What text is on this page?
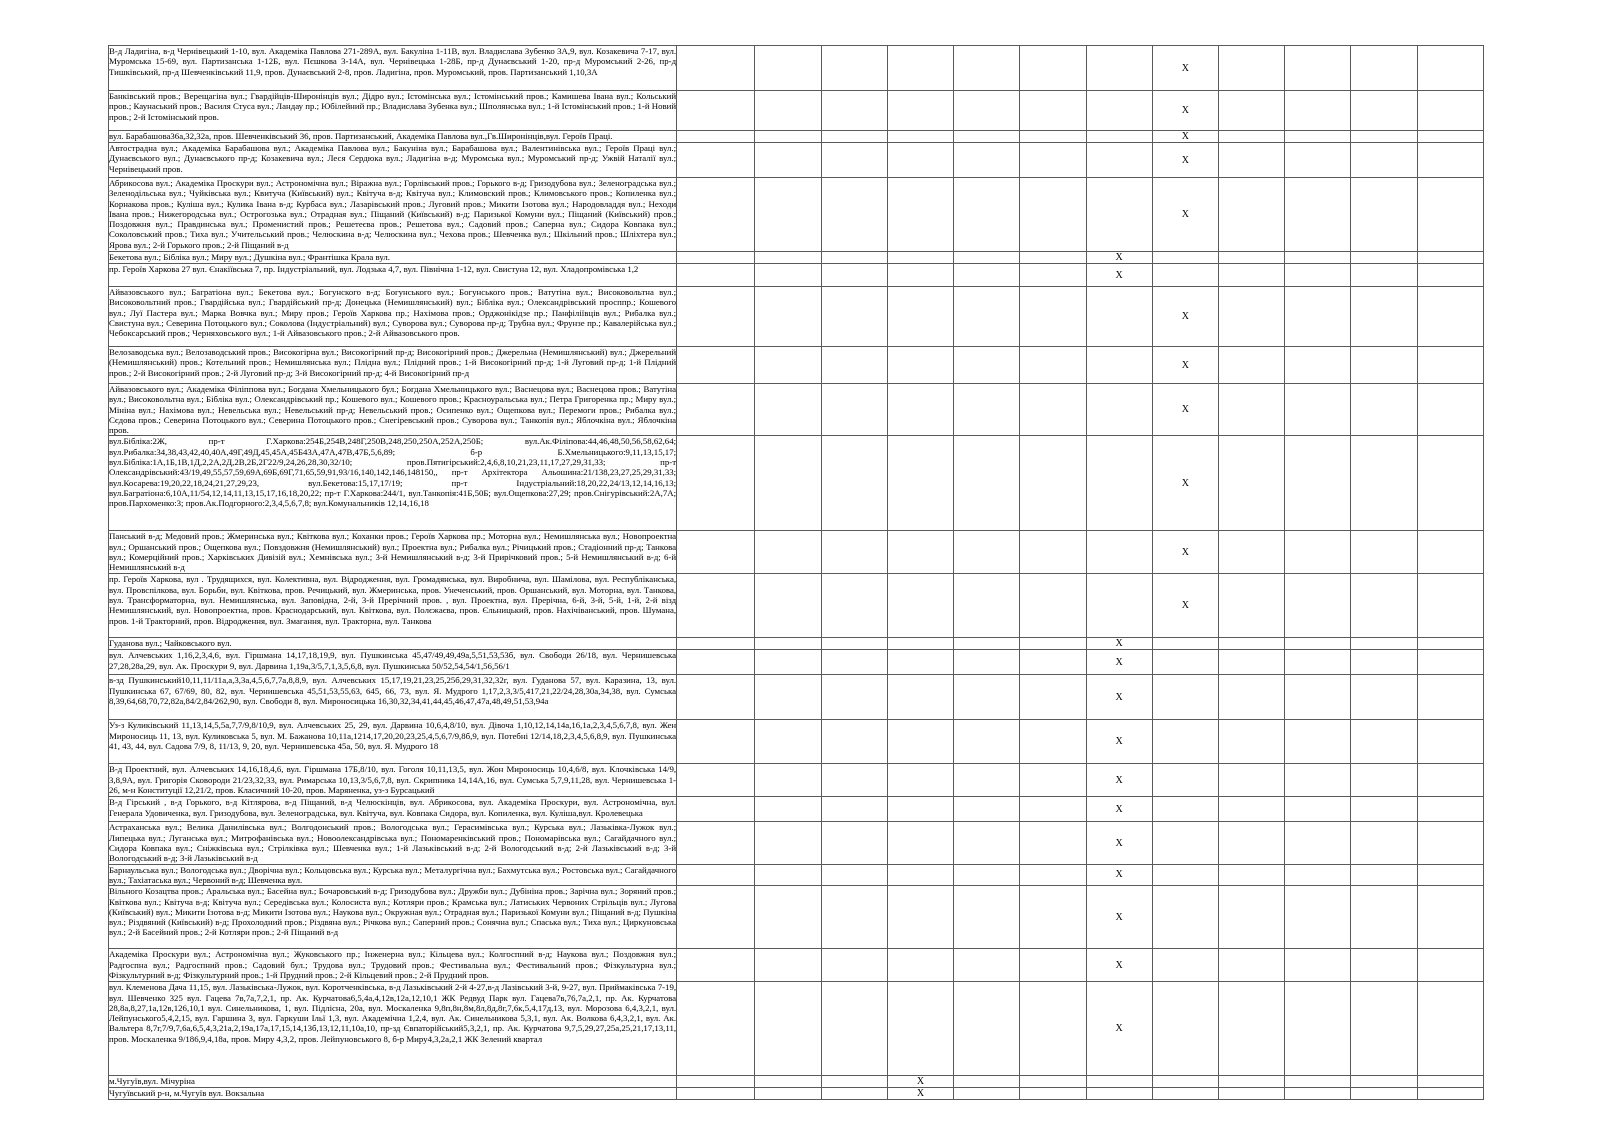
В-д Ладигіна, в-д Чернівецький 1-10, вул. Академіка Павлова 271-289А, вул. Бакуліна 1-11В, вул. Владислава Зубенко 3А,9, вул. Козакевича 7-17, вул. Муромська 15-69, вул. Партизанська 1-12Б, вул. Пєшкова 3-14А, вул. Чернівецька 1-28Б, пр-д Дунаєвський 1-20, пр-д Муромський 2-26, пр-д Тишківський, пр-д Шевченківський 11,9, пров. Дунаєвський 2-8, пров. Ладигіна, пров. Муромський, пров. Партизанський 1,10,3А								X				
Банківський пров.; Верещагіна вул.; Гвардійців-Широнінців вул.; Дідро вул.; Істомінська вул.; Істомінський пров.; Камишева Івана вул.; Кольський пров.; Каунаський пров.; Василя Стуса вул.; Ландау пр.; Юбілейний пр.; Владислава Зубенка вул.; Шполянська вул.; 1-й Істомінський пров.; 1-й Новий пров.; 2-й Істомінський пров.								X				
вул. Барабашова36а,32,32а, пров. Шевченківський 36, пров. Партизанський, Академіка Павлова вул.,Гв.Широнінців,вул. Героїв Праці.								X				
Автострадна вул.; Академіка Барабашова вул.; Академіка Павлова вул.; Бакуніна вул.; Барабашова вул.; Валентинівська вул.; Героїв Праці вул.; Дунаєвського вул.; Дунаєвського пр-д; Козакевича вул.; Леся Сердюка вул.; Ладигіна в-д; Муромська вул.; Муромський пр-д; Ужвій Наталії вул.; Чернівецький пров.								X				
Абрикосова вул.; Академіка Проскури вул.; Астрономічна вул.; Віражна вул.; Горлівський пров.; Горького в-д; Гризодубова вул.; Зеленоградська вул.; Зеленодільська вул.; Чуйківська вул.; Квитуча (Київський) вул.; Квітуча в-д; Квітуча вул.; Климовский пров.; Климовського пров.; Копиленка вул.; Корнакова пров.; Куліша вул.; Кулика Івана в-д; Курбаса вул.; Лазарівський пров.; Луговий пров.; Микити Ізотова вул.; Народовладдя вул.; Неходи Івана пров.; Нижегородська вул.; Острогозька вул.; Отрадная вул.; Піщаний (Київський) в-д; Паризької Комуни вул.; Піщаний (Київський) пров.; Поздовжня вул.; Правдинська вул.; Променистий пров.; Решетеєва пров.; Решетова вул.; Садовий пров.; Саперна вул.; Сидора Ковпака вул.; Соколовський пров.; Тиха вул.; Учительський пров.; Челюскина в-д; Челюскина вул.; Чехова пров.; Шевченка вул.; Шкільний пров.; Шліхтера вул.; Ярова вул.; 2-й Горького пров.; 2-й Піщаний в-д								X				
Бекетова вул.; Бібліка вул.; Миру вул.; Душкіна вул.; Франтішка Крала вул.							X					
пр. Героїв Харкова 27 вул. Єнакіївська 7, пр. Індустріальний, вул. Лодзька 4,7, вул. Північна 1-12, вул. Свистуна 12, вул. Хладопромівська 1,2							X					
Айвазовського вул.; Багратіона вул.; Бекетова вул.; Богунского в-д; Богунського вул.; Богунського пров.; Ватутіна вул.; Високовольтна вул.; Високовольтний пров.; Гвардійська вул.; Гвардійський пр-д; Донецька (Немишлянський) вул.; Бібліка вул.; Олександрівський просппр.; Кошевого вул.; Луї Пастера вул.; Марка Вовчка вул.; Миру пров.; Героїв Харкова пр.; Нахімова пров.; Орджонікідзе пр.; Панфіліївців вул.; Рибалка вул.; Свистуна вул.; Северина Потоцького вул.; Соколова (Індустріальний) вул.; Суворова вул.; Суворова пр-д; Трубна вул.; Фрунзе пр.; Кавалерійська вул.; Чебоксарський пров.; Черняховського вул.; 1-й Айвазовського пров.; 2-й Айвазовського пров.								X				
Велозаводська вул.; Велозаводський пров.; Високогірна вул.; Високогірний пр-д; Високогірний пров.; Джерельна (Немишлянський) вул.; Джерельний (Немишлянський) пров.; Котельний пров.; Немишлянська вул.; Плідна вул.; Плідний пров.; 1-й Високогірний пр-д; 1-й Луговий пр-д; 1-й Плідний пров.; 2-й Високогірний пров.; 2-й Луговий пр-д; 3-й Високогірний пр-д; 4-й Високогірний пр-д								X				
Айвазовського вул.; Академіка Філіппова вул.; Богдана Хмельницького бул.; Богдана Хмельницького вул.; Васнецова вул.; Васнецова пров.; Ватутіна вул.; Високовольтна вул.; Бібліка вул.; Олександрівський пр.; Кошевого вул.; Кошевого пров.; Красноуральська вул.; Петра Григоренка пр.; Миру вул.; Мініна вул.; Нахімова вул.; Невельська вул.; Невельський пр-д; Невельський пров.; Осипенко вул.; Ощепкова вул.; Перемоги пров.; Рибалка вул.; Сєдова пров.; Северина Потоцького вул.; Северина Потоцького пров.; Снегіревський пров.; Суворова вул.; Танкопія вул.; Яблочкіна вул.; Яблочкіна пров.								X				
вул.Бібліка:2Ж, пр-т Г.Харкова:254Б,254В,248Г,250В,248,250,250А,252А,250Б; вул.Ак.Філіпова:44,46,48,50,56,58,62,64; вул.Рибалка:34,38,43,42,40,40А,49Г,49Д,45,45А,45Б43А,47А,47В,47Б,5,6,89; б-р Б.Хмельницького:9,11,13,15,17; вул.Бібліка:1А,1Б,1В,1Д,2,2А,2Д,2В,2Б,2Г22/9,24,26,28,30,32/10; пров.Пятигірський:2,4,6,8,10,21,23,11,17,27,29,31,33; пр-т Олександрівський:43/19,49,55,57,59,69А,69Б,69Г,71,65,59,91,93/16,140,142,146,148150,, пр-т Архітектора Альошина:21/138,23,27,25,29,31,33; вул.Косарева:19,20,22,18,24,21,27,29,23, вул.Бекетова:15,17,17/19; пр-т Індустріальний:18,20,22,24/13,12,14,16,13; вул.Багратіона:6,10А,11/54,12,14,11,13,15,17,16,18,20,22; пр-т Г.Харкова:244/1, вул.Танкопія:41Б,50Б; вул.Ощепкова:27,29; пров.Снігурівський:2А,7А; пров.Пархоменко:3; пров.Ак.Подгорного:2,3,4,5,6,7,8; вул.Комунальників 12,14,16,18								X				
Панський в-д; Медовий пров.; Жмеринська вул.; Квіткова вул.; Коханки пров.; Героїв Харкова пр.; Моторна вул.; Немишлянська вул.; Новопроектна вул.; Оршанський пров.; Ощепкова вул.; Повздовжня (Немишлянський) вул.; Проектна вул.; Рибалка вул.; Річицький пров.; Стадіонний пр-д; Танкова вул.; Комерційний пров.; Харківських Дивізій вул.; Хемнівська вул.; 3-й Немишлянський в-д; 3-й Прирічковий пров.; 5-й Немишлянський в-д; 6-й Немишлянський в-д								X				
пр. Героїв Харкова, вул . Трудящихся, вул. Колективна, вул. Відродження, вул. Громадянська, вул. Виробнича, вул. Шамілова, вул. Республіканська, вул. Провспілкова, вул. Борьби, вул. Квіткова, пров. Речицький, вул. Жмеринська, пров. Унеченський, пров. Оршанський, вул. Моторна, вул. Танкова, вул. Трансформаторна, вул. Немишлянська, вул. Заповідна, 2-й, 3-й Прерічний пров. , вул. Проектна, вул. Прерічна, 6-й, 3-й, 5-й, 1-й, 2-й візд Немишлянський, вул. Новопроектна, пров. Краснодарський, вул. Квіткова, вул. Полєжаєва, пров. Єльницький, пров. Нахічіванський, пров. Шумана, пров. 1-й Тракторний, пров. Відродження, вул. Змагання, вул. Тракторна, вул. Танкова								X				
Гуданова вул.; Чайковського вул.							X					
вул. Алчевських 1,16,2,3,4,6, вул. Гіршмана 14,17,18,19,9, вул. Пушкинська 45,47/49,49,49а,5,51,53,53б, вул. Свободи 26/18, вул. Чернишевська 27,28,28а,29, вул. Ак. Проскури 9, вул. Дарвина 1,19а,3/5,7,1,3,5,6,8, вул. Пушкинська 50/52,54,54/1,56,56/1							X					
в-зд Пушкинський10,11,11/11а,а,3,3а,4,5,6,7,7а,8,8,9, вул. Алчевських 15,17,19,21,23,25,25б,29,31,32,32г, вул. Гуданова 57, вул. Каразина, 13, вул. Пушкинська 67, 67/69, 80, 82, вул. Чернишевська 45,51,53,55,63, 645, 66, 73, вул. Я. Мудрого 1,17,2,3,3/5,417,21,22/24,28,30а,34,38, вул. Сумська 8,39,64,68,70,72,82а,84/2,84/262,90, вул. Свободи 8, вул. Мироносицька 16,30,32,34,41,44,45,46,47,47а,48,49,51,53,94а							X					
Уз-з Куликівський 11,13,14,5,5а,7,7/9,8/10,9, вул. Алчевських 25, 29, вул. Дарвина 10,6,4,8/10, вул. Дівоча 1,10,12,14,14а,16,1а,2,3,4,5,6,7,8, вул. Жен Мироносиць 11, 13, вул. Куликовська 5, вул. М. Бажанова 10,11а,1214,17,20,20,23,25,4,5,6,7/9,8б,9, вул. Потебні 12/14,18,2,3,4,5,6,8,9, вул. Пушкинська 41, 43, 44, вул. Садова 7/9, 8, 11/13, 9, 20, вул. Чернишевська 45а, 50, вул. Я. Мудрого 18							X					
В-д Проектний, вул. Алчевських 14,16,18,4,6, вул. Гіршмана 17Б,8/10, вул. Гоголя 10,11,13,5, вул. Жон Мироносиць 10,4,6/8, вул. Клочківська 14/9, 3,8,9А, вул. Григорія Сковороди 21/23,32,33, вул. Римарська 10,13,3/5,6,7,8, вул. Скрипника 14,14А,16, вул. Сумська 5,7,9,11,28, вул. Чернишевська 1-26, м-н Конституції 12,21/2, пров. Класичний 10-20, пров. Маряненка, уз-з Бурсацький							X					
В-д Гірський , в-д Горького, в-д Кітлярова, в-д Піщаний, в-д Челюскінців, вул. Абрикосова, вул. Академіка Проскури, вул. Астрономічна, вул. Генерала Удовиченка, вул. Гризодубова, вул. Зеленоградська, вул. Квітуча, вул. Ковпака Сидора, вул. Копиленка, вул. Куліша,вул. Кролевецька							X					
Астраханська вул.; Велика Данилівська вул.; Волгодонський пров.; Вологодська вул.; Герасимівська вул.; Курська вул.; Лазьківка-Лужок вул.; Липецька вул.; Луганська вул.; Митрофанівська вул.; Новоолександрівська вул.; Пономаренківський пров.; Пономарівська вул.; Сагайдачного вул.; Сидора Ковпака вул.; Сніжківська вул.; Стрілківка вул.; Шевченка вул.; 1-й Лазьківський в-д; 2-й Вологодський в-д; 2-й Лазьківський в-д; 3-й Вологодський в-д; 3-й Лазьківський в-д							X					
Барнаульська вул.; Вологодська вул.; Дворічна вул.; Кольцовська вул.; Курська вул.; Металургічна вул.; Бахмутська вул.; Ростовська вул.; Сагайдачного вул.; Тахіатаська вул.; Червоний в-д; Шевченка вул.							X					
Вільного Козацтва пров.; Аральська вул.; Басейна вул.; Бочаровський в-д; Гризодубова вул.; Дружби вул.; Дубініна пров.; Зарічна вул.; Зоряний пров.; Квіткова вул.; Квітуча в-д; Квітуча вул.; Середівська вул.; Колосиста вул.; Котляри пров.; Крамська вул.; Латиських Червоних Стрільців вул.; Лугова (Київський) вул.; Микити Ізотова в-д; Микити Ізотова вул.; Наукова вул.; Окружная вул.; Отрадная вул.; Паризької Комуни вул.; Піщаний в-д; Пушкіна вул.; Різдвяний (Київський) в-д; Прохолодний пров.; Різдвяна вул.; Річкова вул.; Саперний пров.; Сонячна вул.; Спаська вул.; Тиха вул.; Циркуновська вул.; 2-й Басейний пров.; 2-й Котляри пров.; 2-й Піщаний в-д							X					
Академіка Проскури вул.; Астрономічна вул.; Жуковського пр.; Інженерна вул.; Кільцева вул.; Колгоспний в-д; Наукова вул.; Поздовжня вул.; Радгоспна вул.; Радгоспний пров.; Садовий бул.; Трудова вул.; Трудовий пров.; Фестивальна вул.; Фестивальний пров.; Фізкультурна вул.; Фізкультурний в-д; Фізкультурний пров.; 1-й Прудний пров.; 2-й Кільцевий пров.; 2-й Прудний пров.							X					
вул. Клеменова Дача 11,15, вул. Лазьківська-Лужок, вул. Коротченківська, в-д Лазьківський 2-й 4-27,в-д Лазівський 3-й, 9-27, вул. Приймаківська 7-19, вул. Шевченко 325 вул. Гацева 7в,7а,7,2,1, пр. Ак. Курчатова6,5,4а,4,12в,12а,12,10,1 ЖК Редвуд Парк вул. Гацева7в,76,7а,2,1, пр. Ак. Курчатова 28,8а,8,27,1а,12в,126,10,1 вул. Синельникова, 1, вул. Підлісна, 20а, вул. Москаленка 9,8п,8н,8м,8л,8д,8г,7,6к,5,4,17д,13, вул. Морозова 6,4,3,2,1, вул. Лейпунського5,4,2,15, вул. Гаршина 3, вул. Гаркуши Ільї 1,3, вул. Академічна 1,2,4, вул. Ак. Синельникова 5,3,1, вул. Ак. Волкова 6,4,3,2,1, вул. Ак. Вальтера 8,7г,7/9,7,6а,6,5,4,3,21а,2,19а,17а,17,15,14,13б,13,12,11,10а,10, пр-зд Євпаторійський5,3,2,1, пр. Ак. Курчатова 9,7,5,29,27,25а,25,21,17,13,11, пров. Москаленка 9/186,9,4,18а, пров. Миру 4,3,2, пров. Лейпуновського 8, б-р Миру4,3,2а,2,1 ЖК Зелений квартал							X					
м.Чугуїв,вул. Мічуріна				X								
Чугуївський р-н, м.Чугуїв вул. Вокзальна				X								
